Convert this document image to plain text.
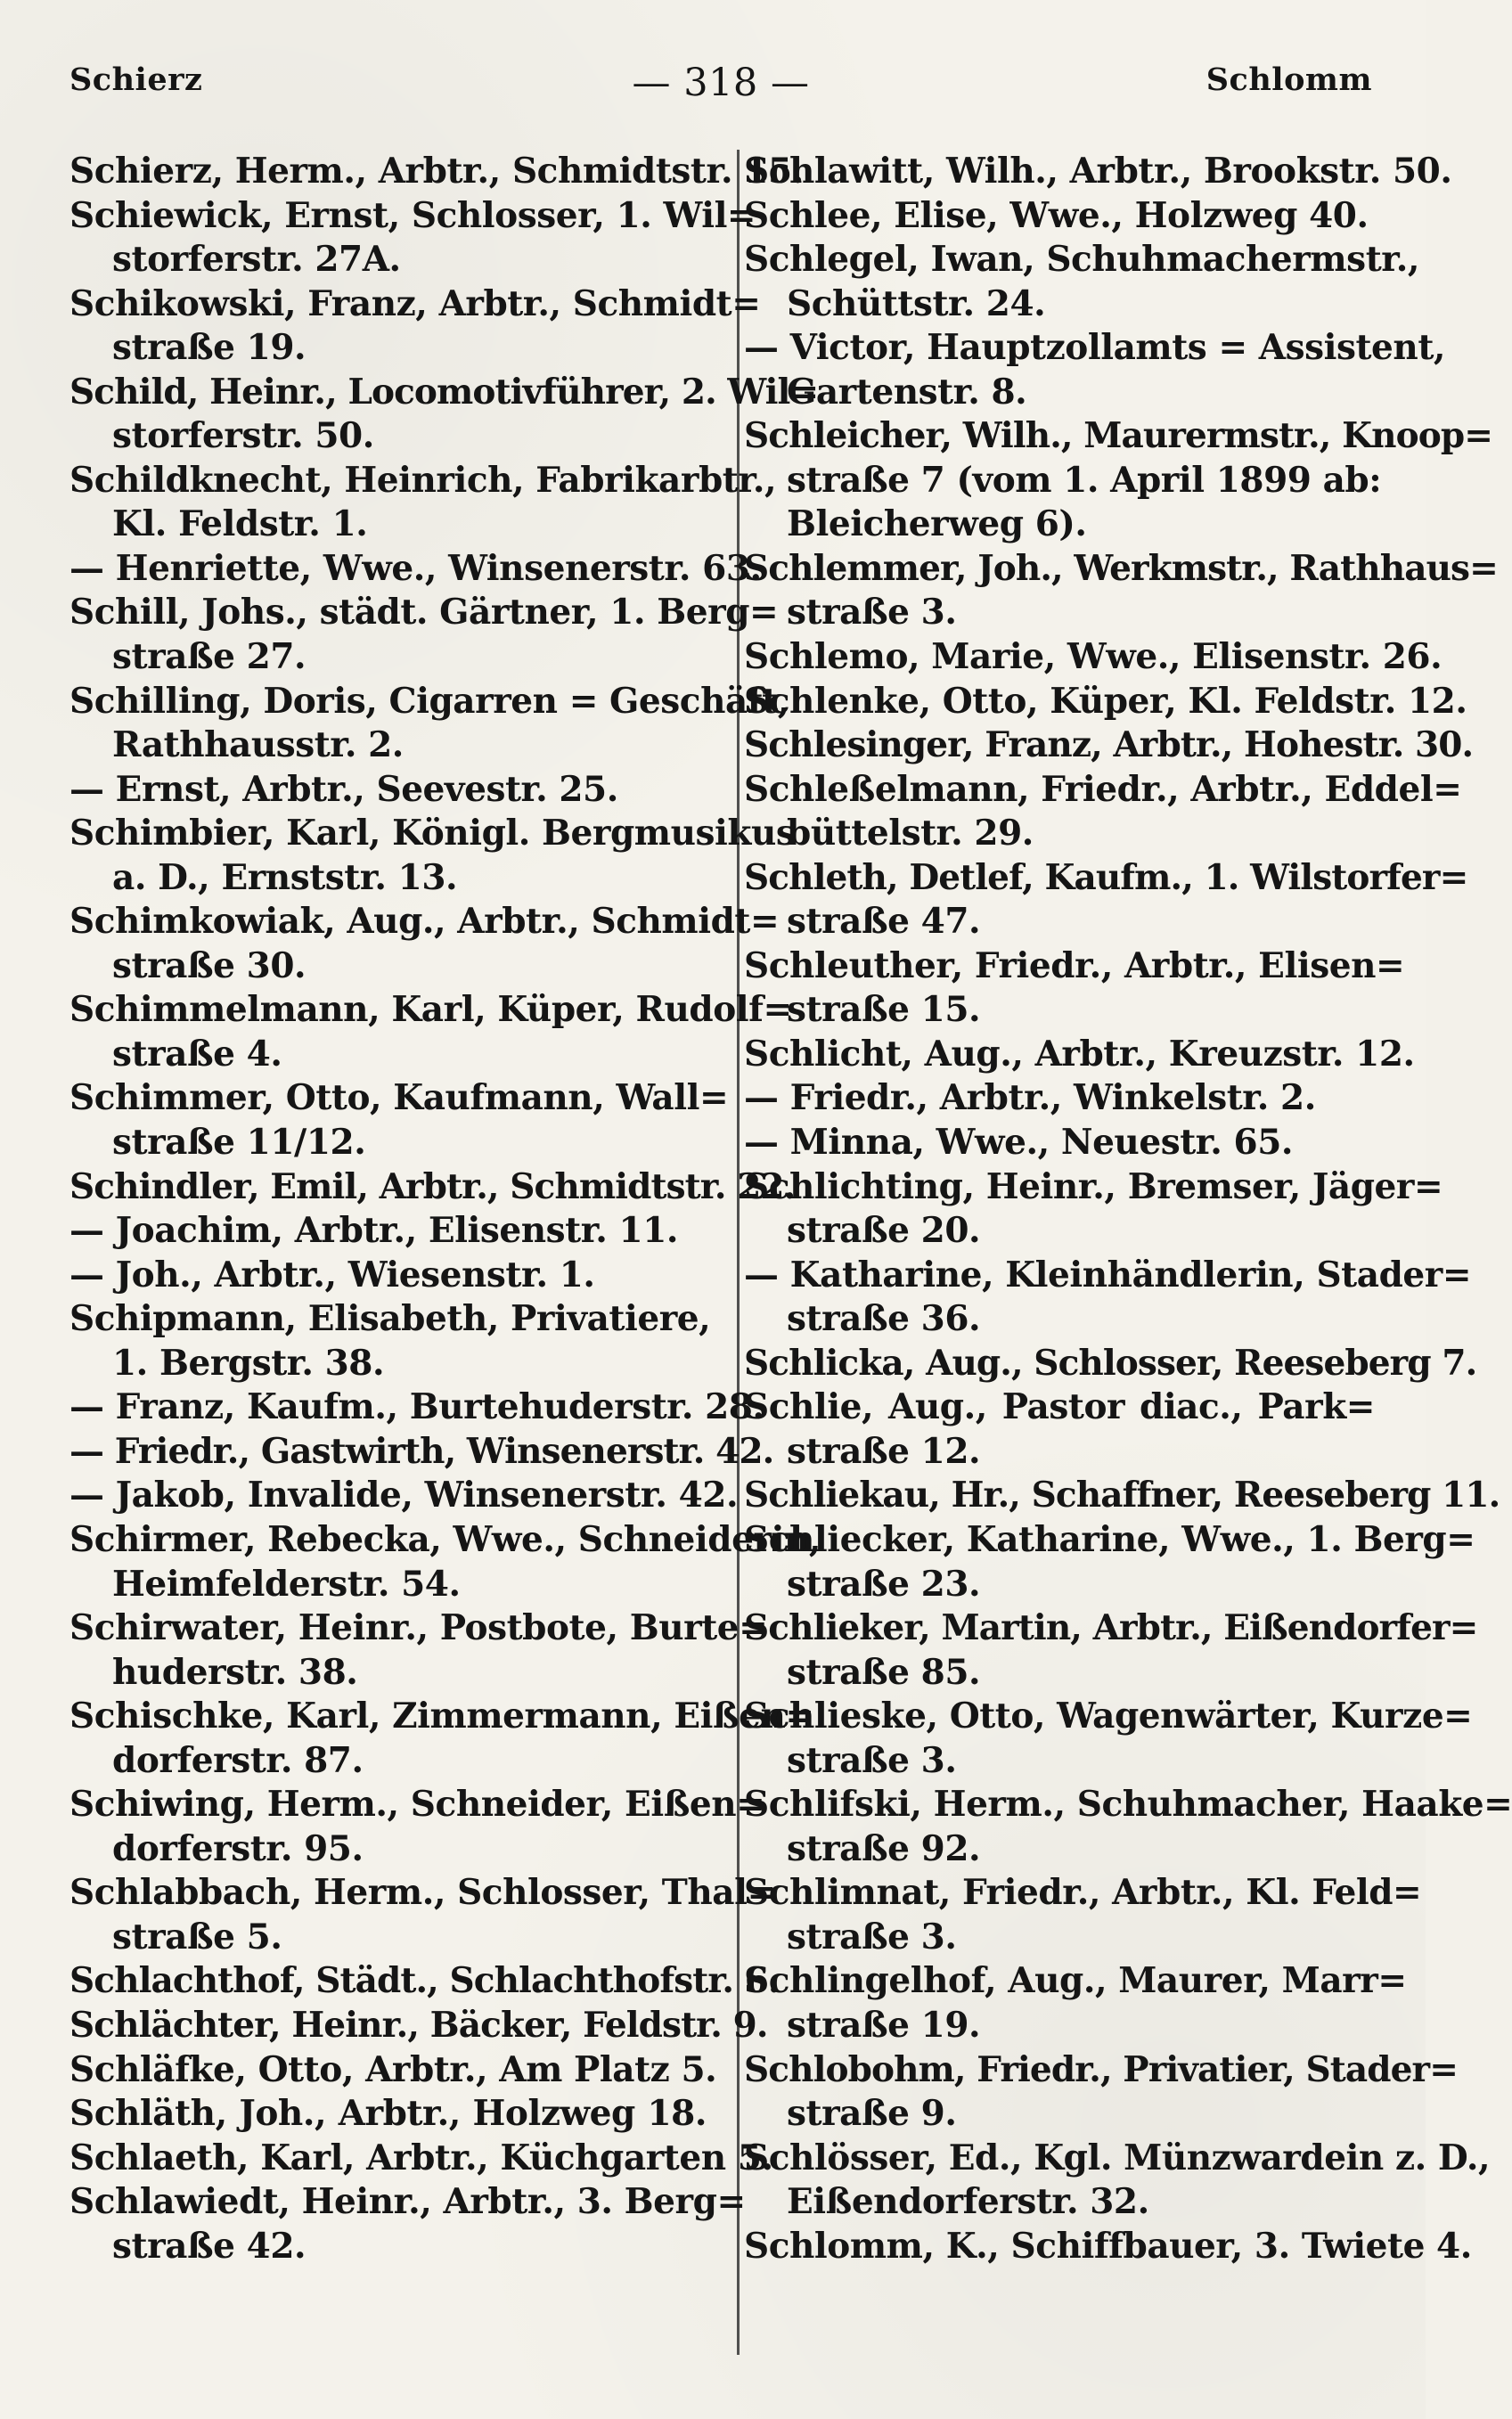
Schierz	— 318 —	Schlomm
Schierz, Herm., Arbtr., Schmidtstr. 15.
Schiewick, Ernst, Schlosser, 1. Wil=
storferstr. 27A.
Schikowski, Franz, Arbtr., Schmidt=
straße 19.
Schild, Heinr., Locomotivführer, 2. Wil=
storferstr. 50.
Schildknecht, Heinrich, Fabrikarbtr.,
Kl. Feldstr. 1.
— Henriette, Wwe., Winsenerstr. 63.
Schill, Johs., städt. Gärtner, 1. Berg=
straße 27.
Schilling, Doris, Cigarren = Geschäft,
Rathhausstr. 2.
— Ernst, Arbtr., Seevestr. 25.
Schimbier, Karl, Königl. Bergmusikus
a. D., Ernststr. 13.
Schimkowiak, Aug., Arbtr., Schmidt=
straße 30.
Schimmelmann, Karl, Küper, Rudolf=
straße 4.
Schimmer, Otto, Kaufmann, Wall=
straße 11/12.
Schindler, Emil, Arbtr., Schmidtstr. 22.
— Joachim, Arbtr., Elisenstr. 11.
— Joh., Arbtr., Wiesenstr. 1.
Schipmann, Elisabeth, Privatiere,
1. Bergstr. 38.
— Franz, Kaufm., Burtehuderstr. 28.
— Friedr., Gastwirth, Winsenerstr. 42.
— Jakob, Invalide, Winsenerstr. 42.
Schirmer, Rebecka, Wwe., Schneiderin,
Heimfelderstr. 54.
Schirwater, Heinr., Postbote, Burte=
huderstr. 38.
Schischke, Karl, Zimmermann, Eißen=
dorferstr. 87.
Schiwing, Herm., Schneider, Eißen=
dorferstr. 95.
Schlabbach, Herm., Schlosser, Thal=
straße 5.
Schlachthof, Städt., Schlachthofstr. 6.
Schlächter, Heinr., Bäcker, Feldstr. 9.
Schläfke, Otto, Arbtr., Am Platz 5.
Schläth, Joh., Arbtr., Holzweg 18.
Schlaeth, Karl, Arbtr., Küchgarten 5.
Schlawiedt, Heinr., Arbtr., 3. Berg=
straße 42.
Schlawitt, Wilh., Arbtr., Brookstr. 50.
Schlee, Elise, Wwe., Holzweg 40.
Schlegel, Iwan, Schuhmachermstr.,
Schüttstr. 24.
— Victor, Hauptzollamts = Assistent,
Gartenstr. 8.
Schleicher, Wilh., Maurermstr., Knoop=
straße 7 (vom 1. April 1899 ab:
Bleicherweg 6).
Schlemmer, Joh., Werkmstr., Rathhaus=
straße 3.
Schlemo, Marie, Wwe., Elisenstr. 26.
Schlenke, Otto, Küper, Kl. Feldstr. 12.
Schlesinger, Franz, Arbtr., Hohestr. 30.
Schleßelmann, Friedr., Arbtr., Eddel=
büttelstr. 29.
Schleth, Detlef, Kaufm., 1. Wilstorfer=
straße 47.
Schleuther, Friedr., Arbtr., Elisen=
straße 15.
Schlicht, Aug., Arbtr., Kreuzstr. 12.
— Friedr., Arbtr., Winkelstr. 2.
— Minna, Wwe., Neuestr. 65.
Schlichting, Heinr., Bremser, Jäger=
straße 20.
— Katharine, Kleinhändlerin, Stader=
straße 36.
Schlicka, Aug., Schlosser, Reeseberg 7.
Schlie, Aug., Pastor diac., Park=
straße 12.
Schliekau, Hr., Schaffner, Reeseberg 11.
Schliecker, Katharine, Wwe., 1. Berg=
straße 23.
Schlieker, Martin, Arbtr., Eißendorfer=
straße 85.
Schlieske, Otto, Wagenwärter, Kurze=
straße 3.
Schlifski, Herm., Schuhmacher, Haake=
straße 92.
Schlimnat, Friedr., Arbtr., Kl. Feld=
straße 3.
Schlingelhof, Aug., Maurer, Marr=
straße 19.
Schlobohm, Friedr., Privatier, Stader=
straße 9.
Schlösser, Ed., Kgl. Münzwardein z. D.,
Eißendorferstr. 32.
Schlomm, K., Schiffbauer, 3. Twiete 4.
